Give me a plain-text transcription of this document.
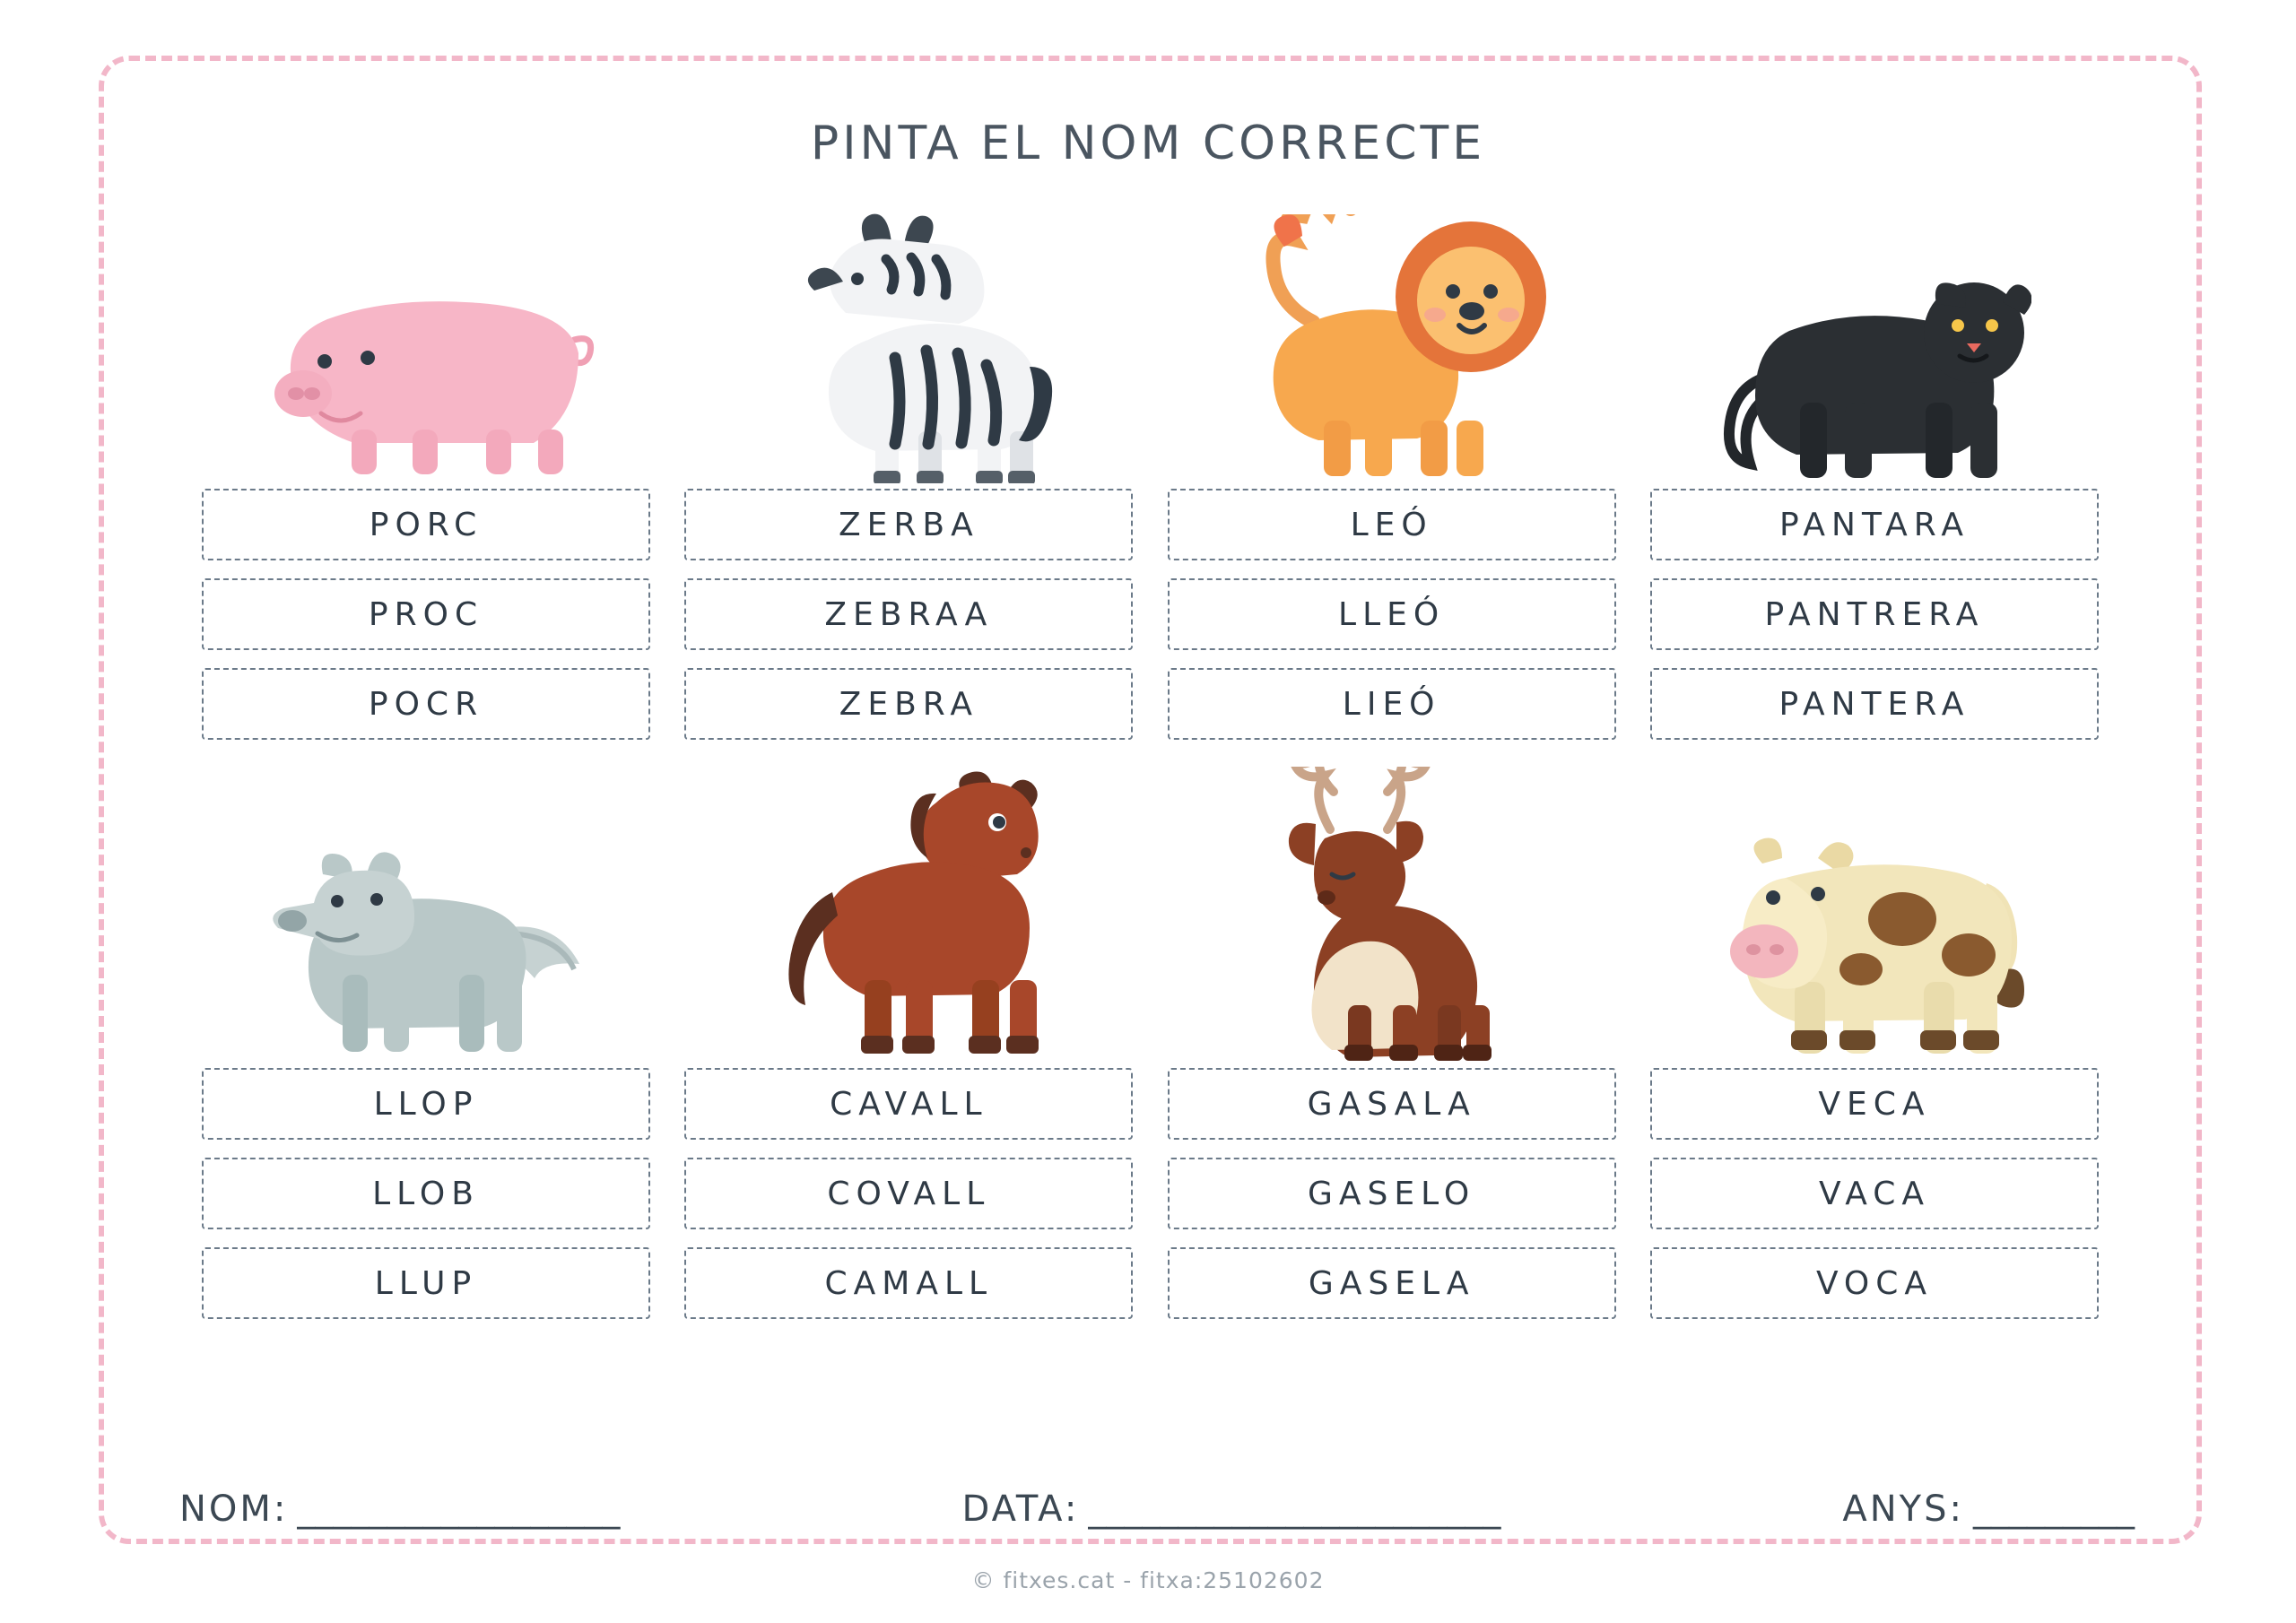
PINTA EL NOM CORRECTE
PORC
PROC
POCR
ZERBA
ZEBRAA
ZEBRA
LEÓ
LLEÓ
LIEÓ
PANTARA
PANTRERA
PANTERA
LLOP
LLOB
LLUP
CAVALL
COVALL
CAMALL
GASALA
GASELO
GASELA
VECA
VACA
VOCA
NOM: __________________	DATA: _______________________	ANYS: _________
© fitxes.cat - fitxa:25102602
